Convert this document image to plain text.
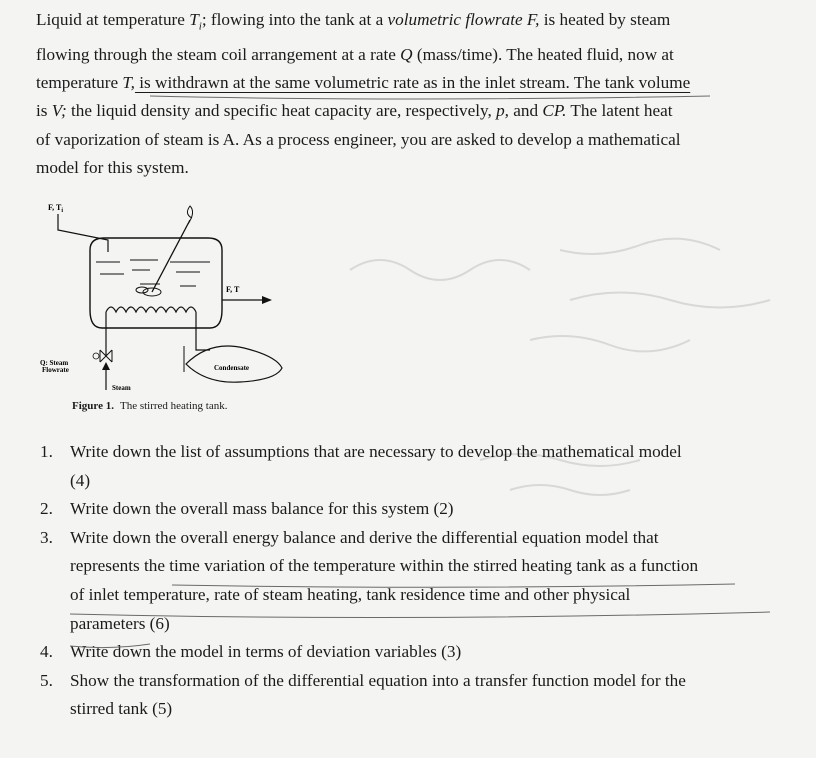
Liquid at temperature $T_i$; flowing into the tank at a volumetric flowrate F, is heated by steam
flowing through the steam coil arrangement at a rate Q (mass/time). The heated fluid, now at
temperature T, is withdrawn at the same volumetric rate as in the inlet stream. The tank volume
is V; the liquid density and specific heat capacity are, respectively, p, and CP. The latent heat
of vaporization of steam is A. As a process engineer, you are asked to develop a mathematical
model for this system.
F, $T_i$
F, T
Q: Steam Flowrate
Steam
Condensate
Figure 1. The stirred heating tank.
1. Write down the list of assumptions that are necessary to develop the mathematical model
(4)
2. Write down the overall mass balance for this system (2)
3. Write down the overall energy balance and derive the differential equation model that
represents the time variation of the temperature within the stirred heating tank as a function
of inlet temperature, rate of steam heating, tank residence time and other physical
parameters (6)
4. Write down the model in terms of deviation variables (3)
5. Show the transformation of the differential equation into a transfer function model for the
stirred tank (5)
